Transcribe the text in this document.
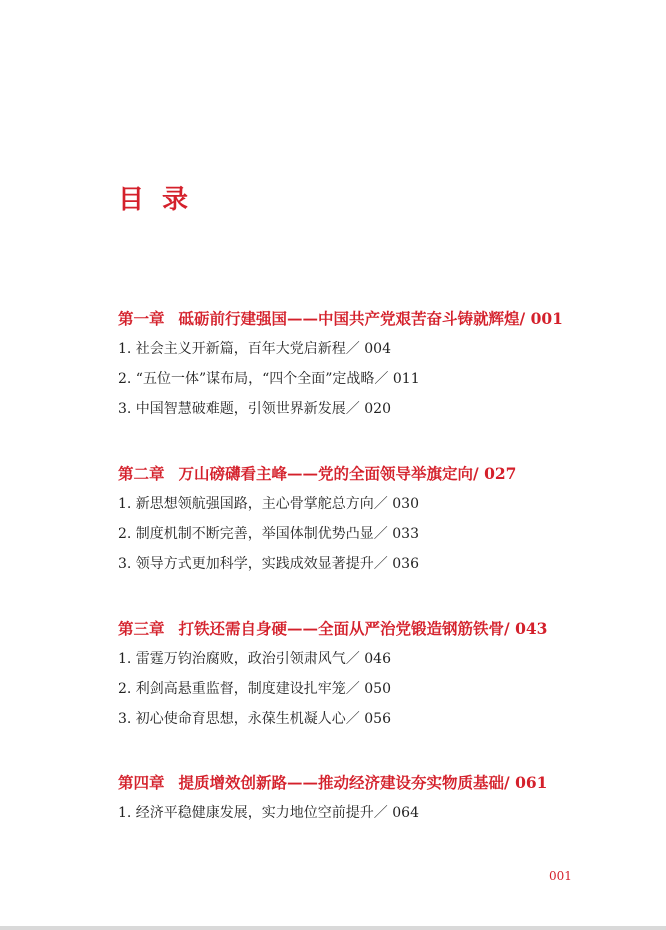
目录
第一章 砥砺前行建强国——中国共产党艰苦奋斗铸就辉煌/ 001
1. 社会主义开新篇，百年大党启新程／ 004
2. “五位一体”谋布局，“四个全面”定战略／ 011
3. 中国智慧破难题，引领世界新发展／ 020
第二章 万山磅礴看主峰——党的全面领导举旗定向/ 027
1. 新思想领航强国路，主心骨掌舵总方向／ 030
2. 制度机制不断完善，举国体制优势凸显／ 033
3. 领导方式更加科学，实践成效显著提升／ 036
第三章 打铁还需自身硬——全面从严治党锻造钢筋铁骨/ 043
1. 雷霆万钧治腐败，政治引领肃风气／ 046
2. 利剑高悬重监督，制度建设扎牢笼／ 050
3. 初心使命育思想，永葆生机凝人心／ 056
第四章 提质增效创新路——推动经济建设夯实物质基础/ 061
1. 经济平稳健康发展，实力地位空前提升／ 064
001
